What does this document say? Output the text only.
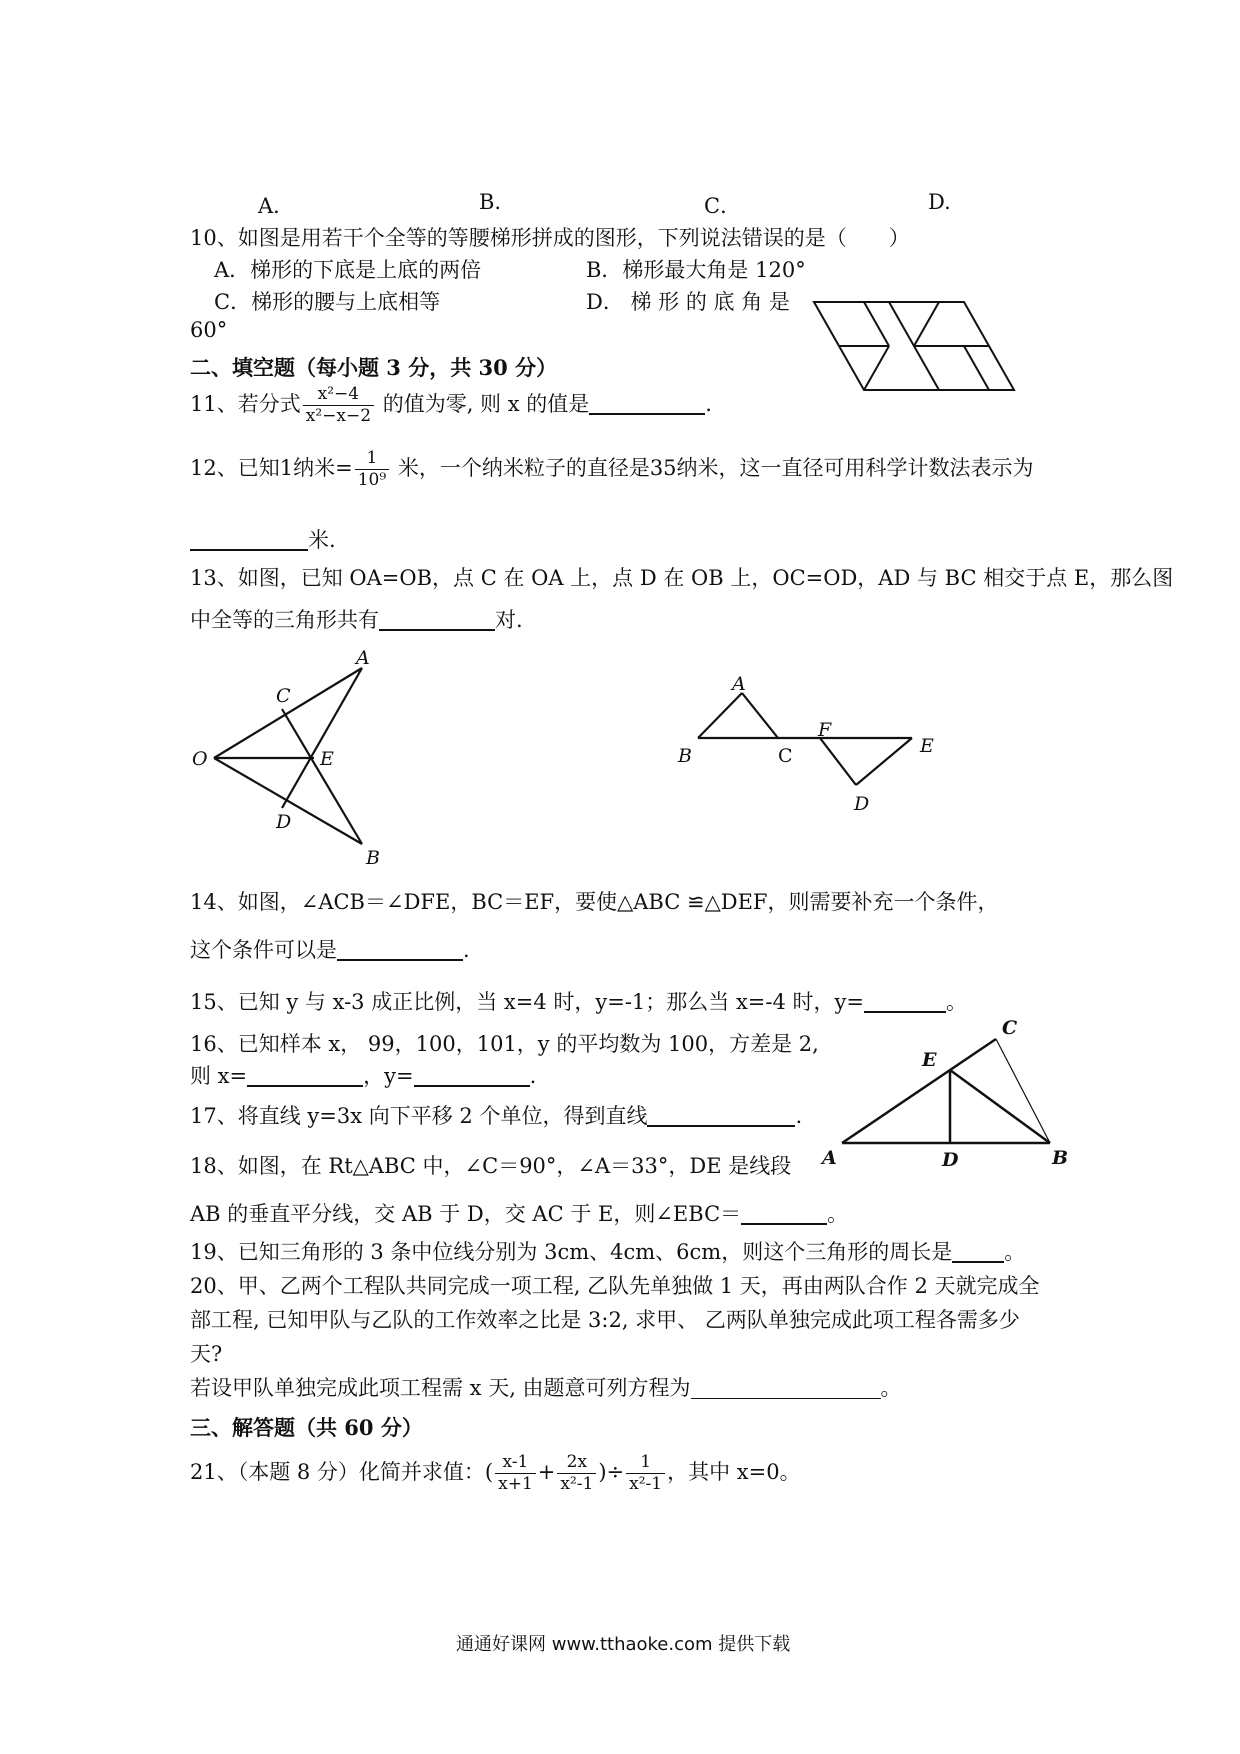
A．	B.	C．	D.
10、如图是用若干个全等的等腰梯形拼成的图形，下列说法错误的是（　　）
A．梯形的下底是上底的两倍	B．梯形最大角是 120°
C．梯形的腰与上底相等	D． 梯 形 的 底 角 是
60°
二、填空题（每小题 3 分，共 30 分）
11、若分式 $\frac{\text{x²−4}}{\text{x²−x−2}}$ 的值为零, 则 x 的值是	.
12、已知1纳米= $\frac{1}{\text{10⁹}}$ 米，一个纳米粒子的直径是35纳米，这一直径可用科学计数法表示为
米.
13、如图，已知 OA=OB，点 C 在 OA 上，点 D 在 OB 上，OC=OD，AD 与 BC 相交于点 E，那么图
中全等的三角形共有	对.
A
C
O	E
D
B
A
B	C
F
E
D
14、如图，∠ACB＝∠DFE，BC＝EF，要使△ABC ≌△DEF，则需要补充一个条件，
这个条件可以是	.
15、已知 y 与 x-3 成正比例，当 x=4 时，y=-1；那么当 x=-4 时，y=	。
16、已知样本 x， 99，100，101，y 的平均数为 100，方差是 2,
则 x=	，y=	.
17、将直线 y=3x 向下平移 2 个单位，得到直线	.
C
E
A	D	B
18、如图，在 Rt△ABC 中，∠C＝90°，∠A＝33°，DE 是线段
AB 的垂直平分线，交 AB 于 D，交 AC 于 E，则∠EBC＝	。
19、已知三角形的 3 条中位线分别为 3cm、4cm、6cm，则这个三角形的周长是 。
20、甲、乙两个工程队共同完成一项工程, 乙队先单独做 1 天，再由两队合作 2 天就完成全
部工程, 已知甲队与乙队的工作效率之比是 3:2, 求甲、 乙两队单独完成此项工程各需多少
天?
若设甲队单独完成此项工程需 x 天, 由题意可列方程为	。
三、解答题（共 60 分）
21、（本题 8 分）化简并求值：( $\frac{x-1}{x+1} + \frac{2x}{\text{x²-1}}$ )÷ $\frac{1}{\text{x²-1}}$ ，其中 x=0。
通通好课网 www.tthaoke.com 提供下载
